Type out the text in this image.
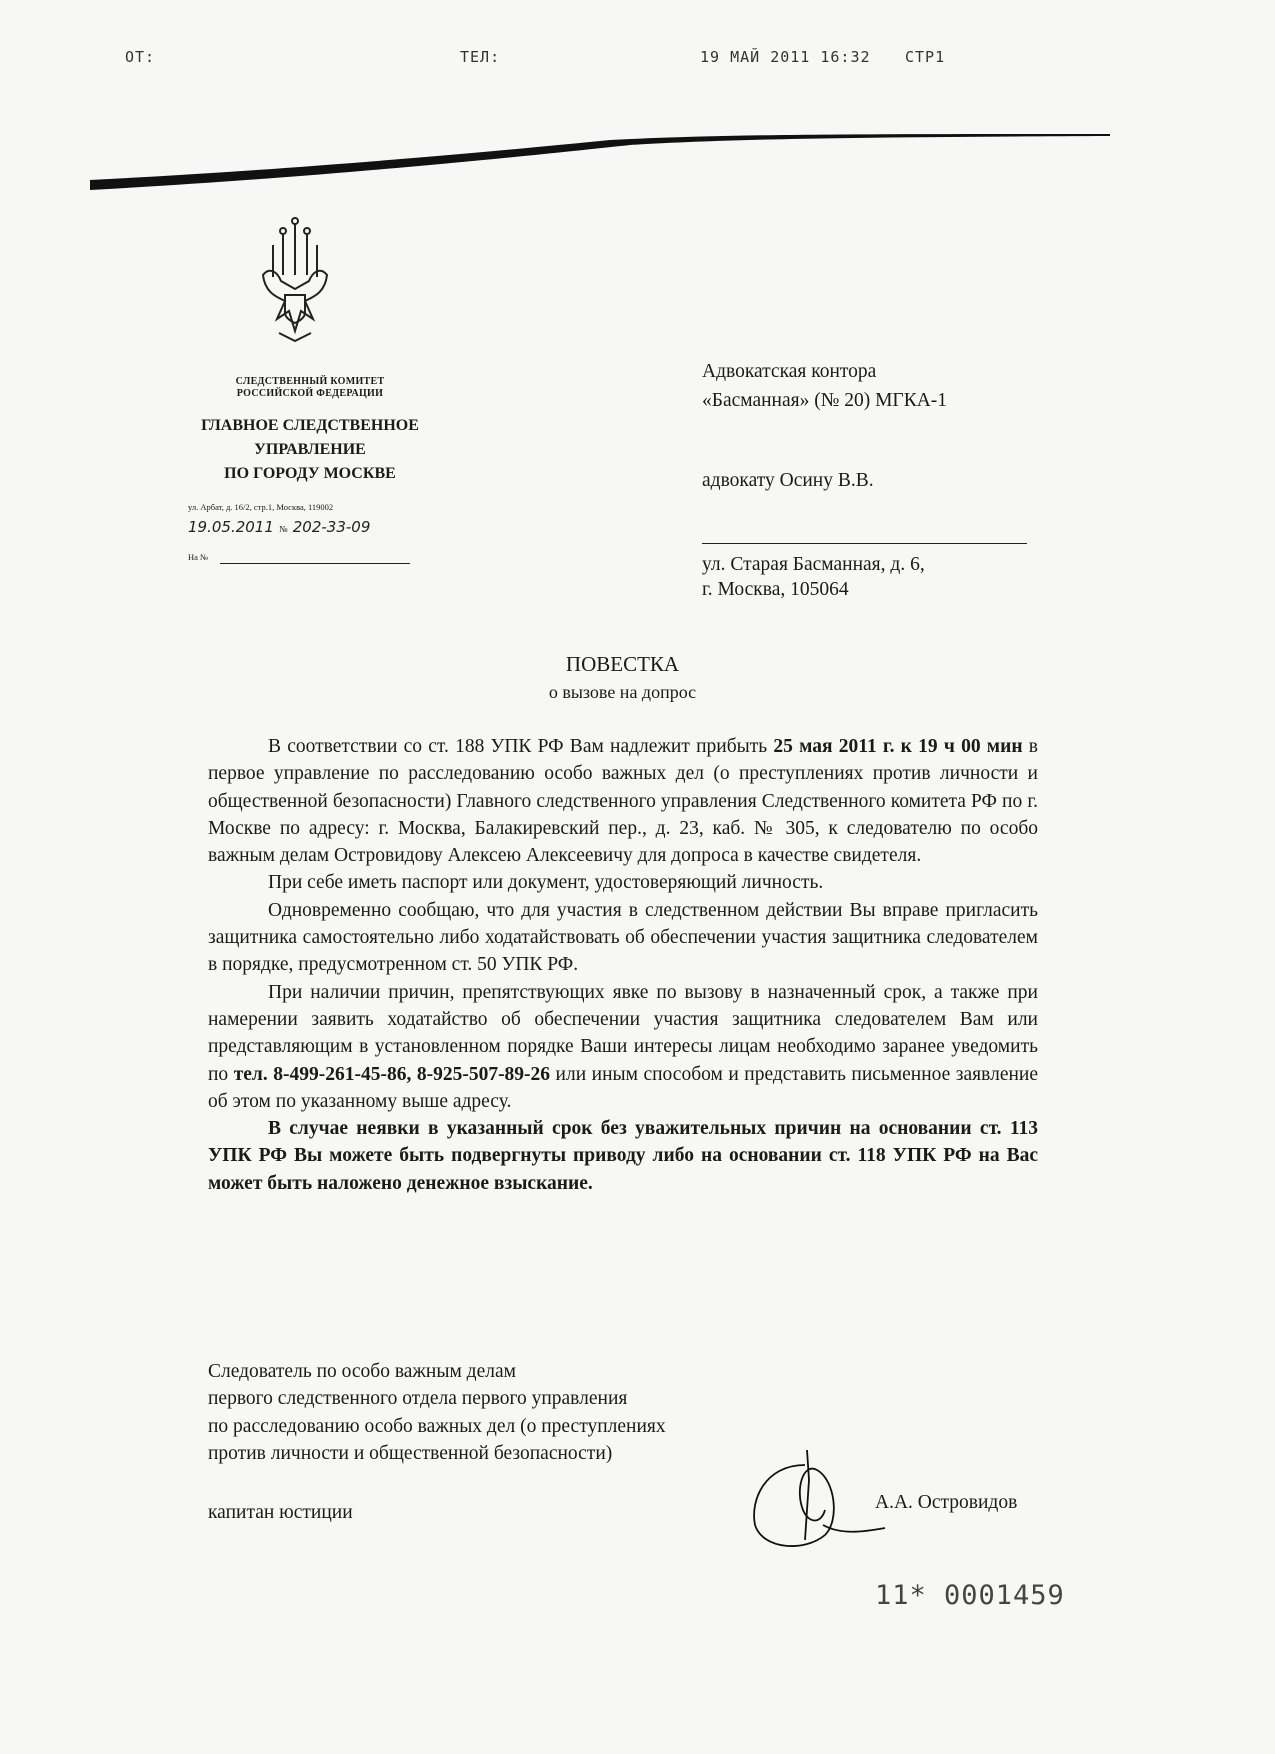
ОТ:	ТЕЛ:	19 МАЙ 2011 16:32 СТР1
СЛЕДСТВЕННЫЙ КОМИТЕТ
РОССИЙСКОЙ ФЕДЕРАЦИИ
ГЛАВНОЕ СЛЕДСТВЕННОЕ
УПРАВЛЕНИЕ
ПО ГОРОДУ МОСКВЕ
ул. Арбат, д. 16/2, стр.1, Москва, 119002
19.05.2011 № 202-33-09
На №
Адвокатская контора
«Басманная» (№ 20) МГКА-1
адвокату Осину В.В.
ул. Старая Басманная, д. 6,
г. Москва, 105064
ПОВЕСТКА
о вызове на допрос

В соответствии со ст. 188 УПК РФ Вам надлежит прибыть 25 мая 2011 г. к 19 ч 00 мин в первое управление по расследованию особо важных дел (о преступлениях против личности и общественной безопасности) Главного следственного управления Следственного комитета РФ по г. Москве по адресу: г. Москва, Балакиревский пер., д. 23, каб. № 305, к следователю по особо важным делам Островидову Алексею Алексеевичу для допроса в качестве свидетеля.

При себе иметь паспорт или документ, удостоверяющий личность.

Одновременно сообщаю, что для участия в следственном действии Вы вправе пригласить защитника самостоятельно либо ходатайствовать об обеспечении участия защитника следователем в порядке, предусмотренном ст. 50 УПК РФ.

При наличии причин, препятствующих явке по вызову в назначенный срок, а также при намерении заявить ходатайство об обеспечении участия защитника следователем Вам или представляющим в установленном порядке Ваши интересы лицам необходимо заранее уведомить по тел. 8-499-261-45-86, 8-925-507-89-26 или иным способом и представить письменное заявление об этом по указанному выше адресу.

В случае неявки в указанный срок без уважительных причин на основании ст. 113 УПК РФ Вы можете быть подвергнуты приводу либо на основании ст. 118 УПК РФ на Вас может быть наложено денежное взыскание.

Следователь по особо важным делам
первого следственного отдела первого управления
по расследованию особо важных дел (о преступлениях
против личности и общественной безопасности)
капитан юстиции	А.А. Островидов
11* 0001459
